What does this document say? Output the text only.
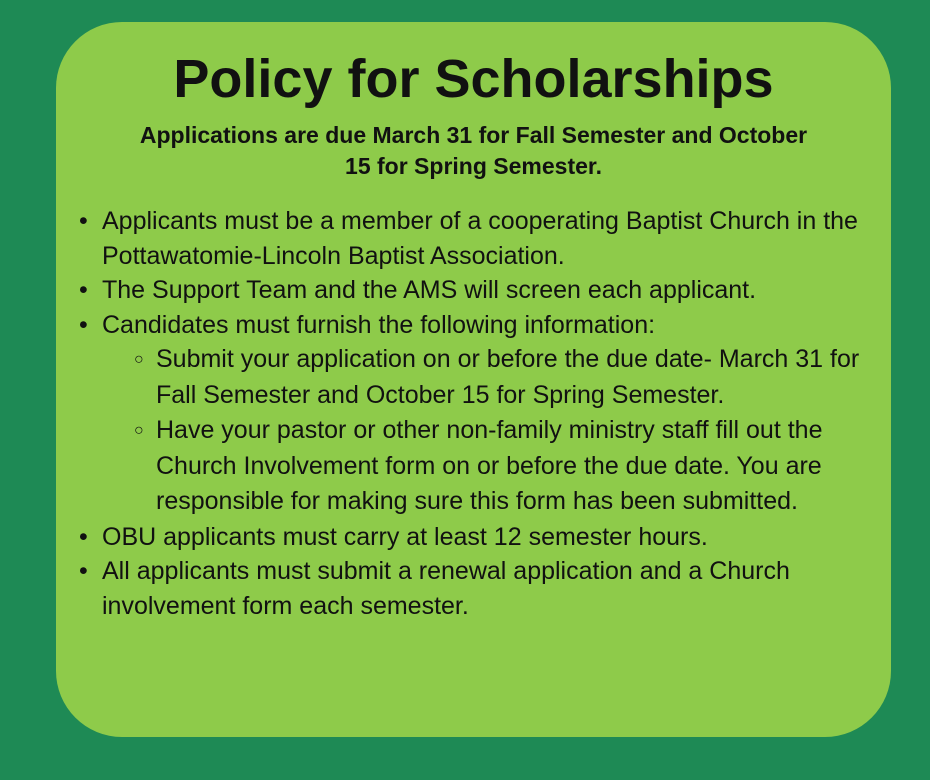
Policy for Scholarships

Applications are due March 31 for Fall Semester and October 15 for Spring Semester.

• Applicants must be a member of a cooperating Baptist Church in the Pottawatomie-Lincoln Baptist Association.
• The Support Team and the AMS will screen each applicant.
• Candidates must furnish the following information:
○ Submit your application on or before the due date- March 31 for Fall Semester and October 15 for Spring Semester.
○ Have your pastor or other non-family ministry staff fill out the Church Involvement form on or before the due date. You are responsible for making sure this form has been submitted.
• OBU applicants must carry at least 12 semester hours.
• All applicants must submit a renewal application and a Church involvement form each semester.
